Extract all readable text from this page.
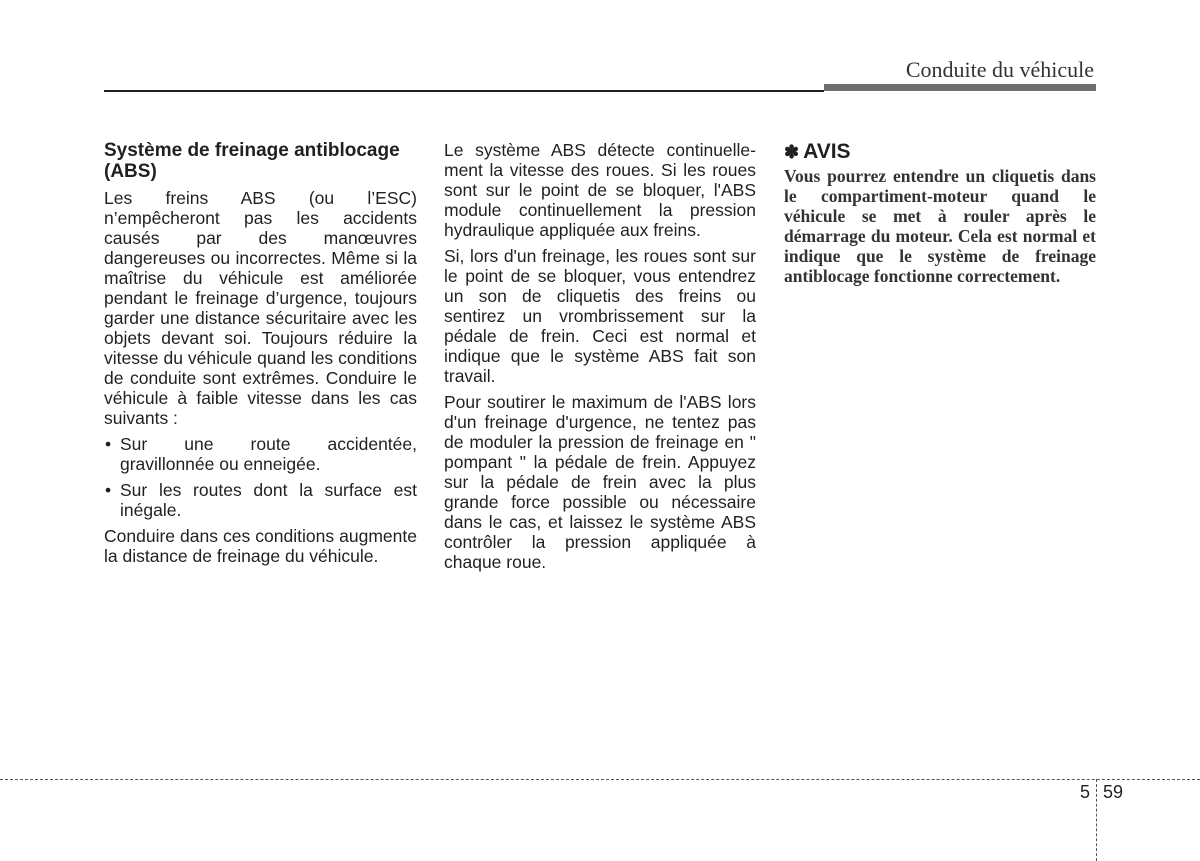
Conduite du véhicule
Système de freinage antiblocage (ABS)

Les freins ABS (ou l’ESC) n’empêcheront pas les accidents causés par des manœuvres dangereuses ou incorrectes. Même si la maîtrise du véhicule est améliorée pendant le freinage d’urgence, toujours garder une distance sécuritaire avec les objets devant soi. Toujours réduire la vitesse du véhicule quand les conditions de conduite sont extrêmes. Conduire le véhicule à faible vitesse dans les cas suivants :

• Sur une route accidentée, gravillonnée ou enneigée.
• Sur les routes dont la surface est inégale.

Conduire dans ces conditions augmente la distance de freinage du véhicule.

Le système ABS détecte continuelle-ment la vitesse des roues. Si les roues sont sur le point de se bloquer, l'ABS module continuellement la pression hydraulique appliquée aux freins.

Si, lors d'un freinage, les roues sont sur le point de se bloquer, vous entendrez un son de cliquetis des freins ou sentirez un vrombrissement sur la pédale de frein. Ceci est normal et indique que le système ABS fait son travail.

Pour soutirer le maximum de l'ABS lors d'un freinage d'urgence, ne tentez pas de moduler la pression de freinage en " pompant " la pédale de frein. Appuyez sur la pédale de frein avec la plus grande force possible ou nécessaire dans le cas, et laissez le système ABS contrôler la pression appliquée à chaque roue.

✽ AVIS

Vous pourrez entendre un cliquetis dans le compartiment-moteur quand le véhicule se met à rouler après le démarrage du moteur. Cela est normal et indique que le système de freinage antiblocage fonctionne correctement.

5 59
